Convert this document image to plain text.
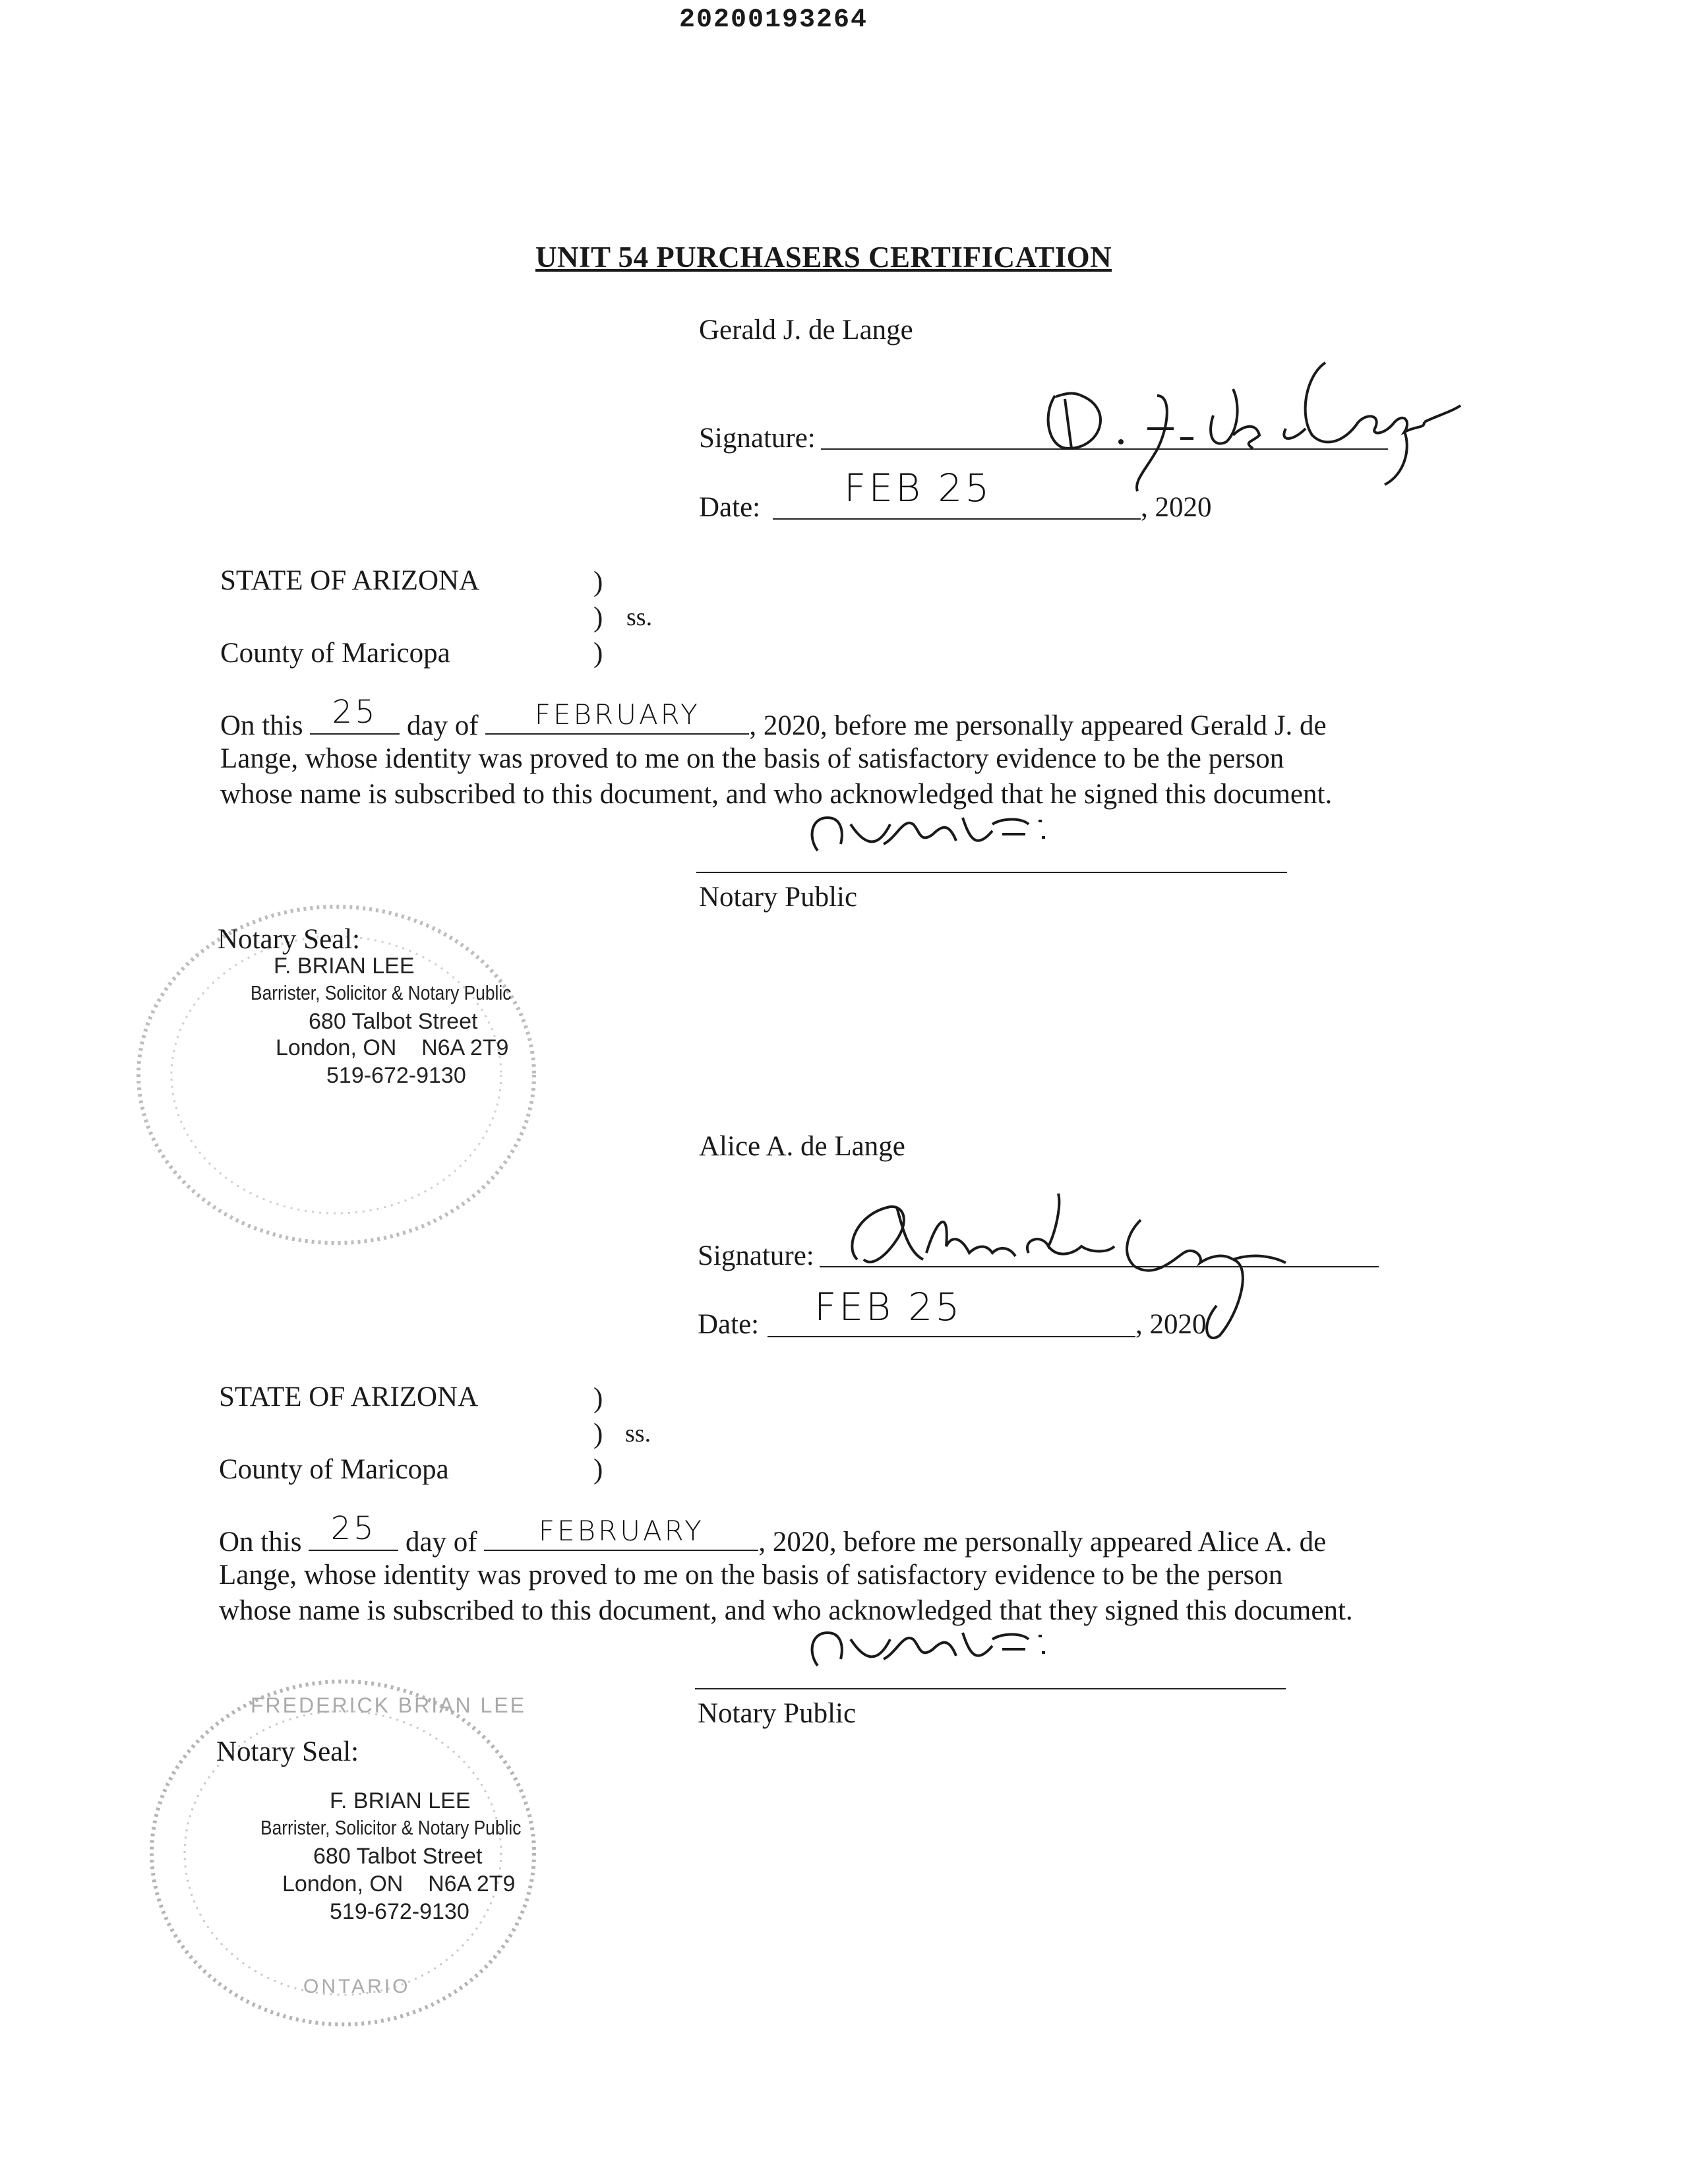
20200193264
UNIT 54 PURCHASERS CERTIFICATION
Gerald J. de Lange
Signature:
Date: FEB 25	, 2020
STATE OF ARIZONA	)
) ss.
County of Maricopa	)
On this 25	day of	FEBRUARY	, 2020, before me personally appeared Gerald J. de
Lange, whose identity was proved to me on the basis of satisfactory evidence to be the person
whose name is subscribed to this document, and who acknowledged that he signed this document.
Notary Public
Notary Seal:
F. BRIAN LEE
Barrister, Solicitor & Notary Public
680 Talbot Street
London, ON    N6A 2T9
519-672-9130
Alice A. de Lange
Signature:
Date: FEB 25	, 2020
STATE OF ARIZONA	)
) ss.
County of Maricopa	)
On this 25	day of	FEBRUARY	, 2020, before me personally appeared Alice A. de
Lange, whose identity was proved to me on the basis of satisfactory evidence to be the person
whose name is subscribed to this document, and who acknowledged that they signed this document.
Notary Public
FREDERICK BRIAN LEE
ONTARIO
Notary Seal:
F. BRIAN LEE
Barrister, Solicitor & Notary Public
680 Talbot Street
London, ON    N6A 2T9
519-672-9130
